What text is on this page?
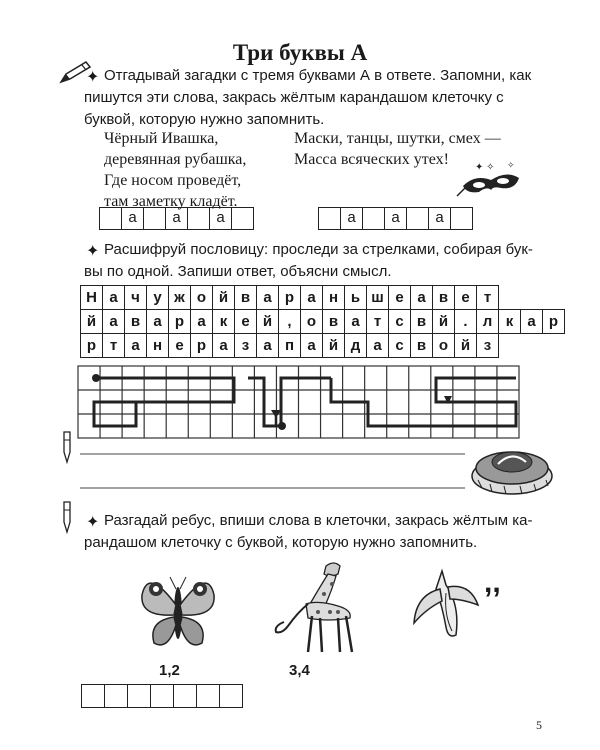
Три буквы А
✦ Отгадывай загадки с тремя буквами А в ответе. Запомни, как
пишутся эти слова, закрась жёлтым карандашом клеточку с
буквой, которую нужно запомнить.
Чёрный Ивашка,
деревянная рубашка,
Где носом проведёт,
там заметку кладёт.
Маски, танцы, шутки, смех —
Масса всяческих утех!	✦ ✧ ✧
а	а	а	а	а	а
✦ Расшифруй пословицу: проследи за стрелками, собирая бук-
вы по одной. Запиши ответ, объясни смысл.
Н	а	ч	у	ж	о	й	в	а	р	а	н	ь	ш	е	а	в	е	т			
й	а	в	а	р	а	к	е	й	,	о	в	а	т	с	в	й	.	л	к	а	р
р	т	а	н	е	р	а	з	а	п	а	й	д	а	с	в	о	й	з			
✦ Разгадай ребус, впиши слова в клеточки, закрась жёлтым ка-
рандашом клеточку с буквой, которую нужно запомнить.
,,
1,2	3,4
5
